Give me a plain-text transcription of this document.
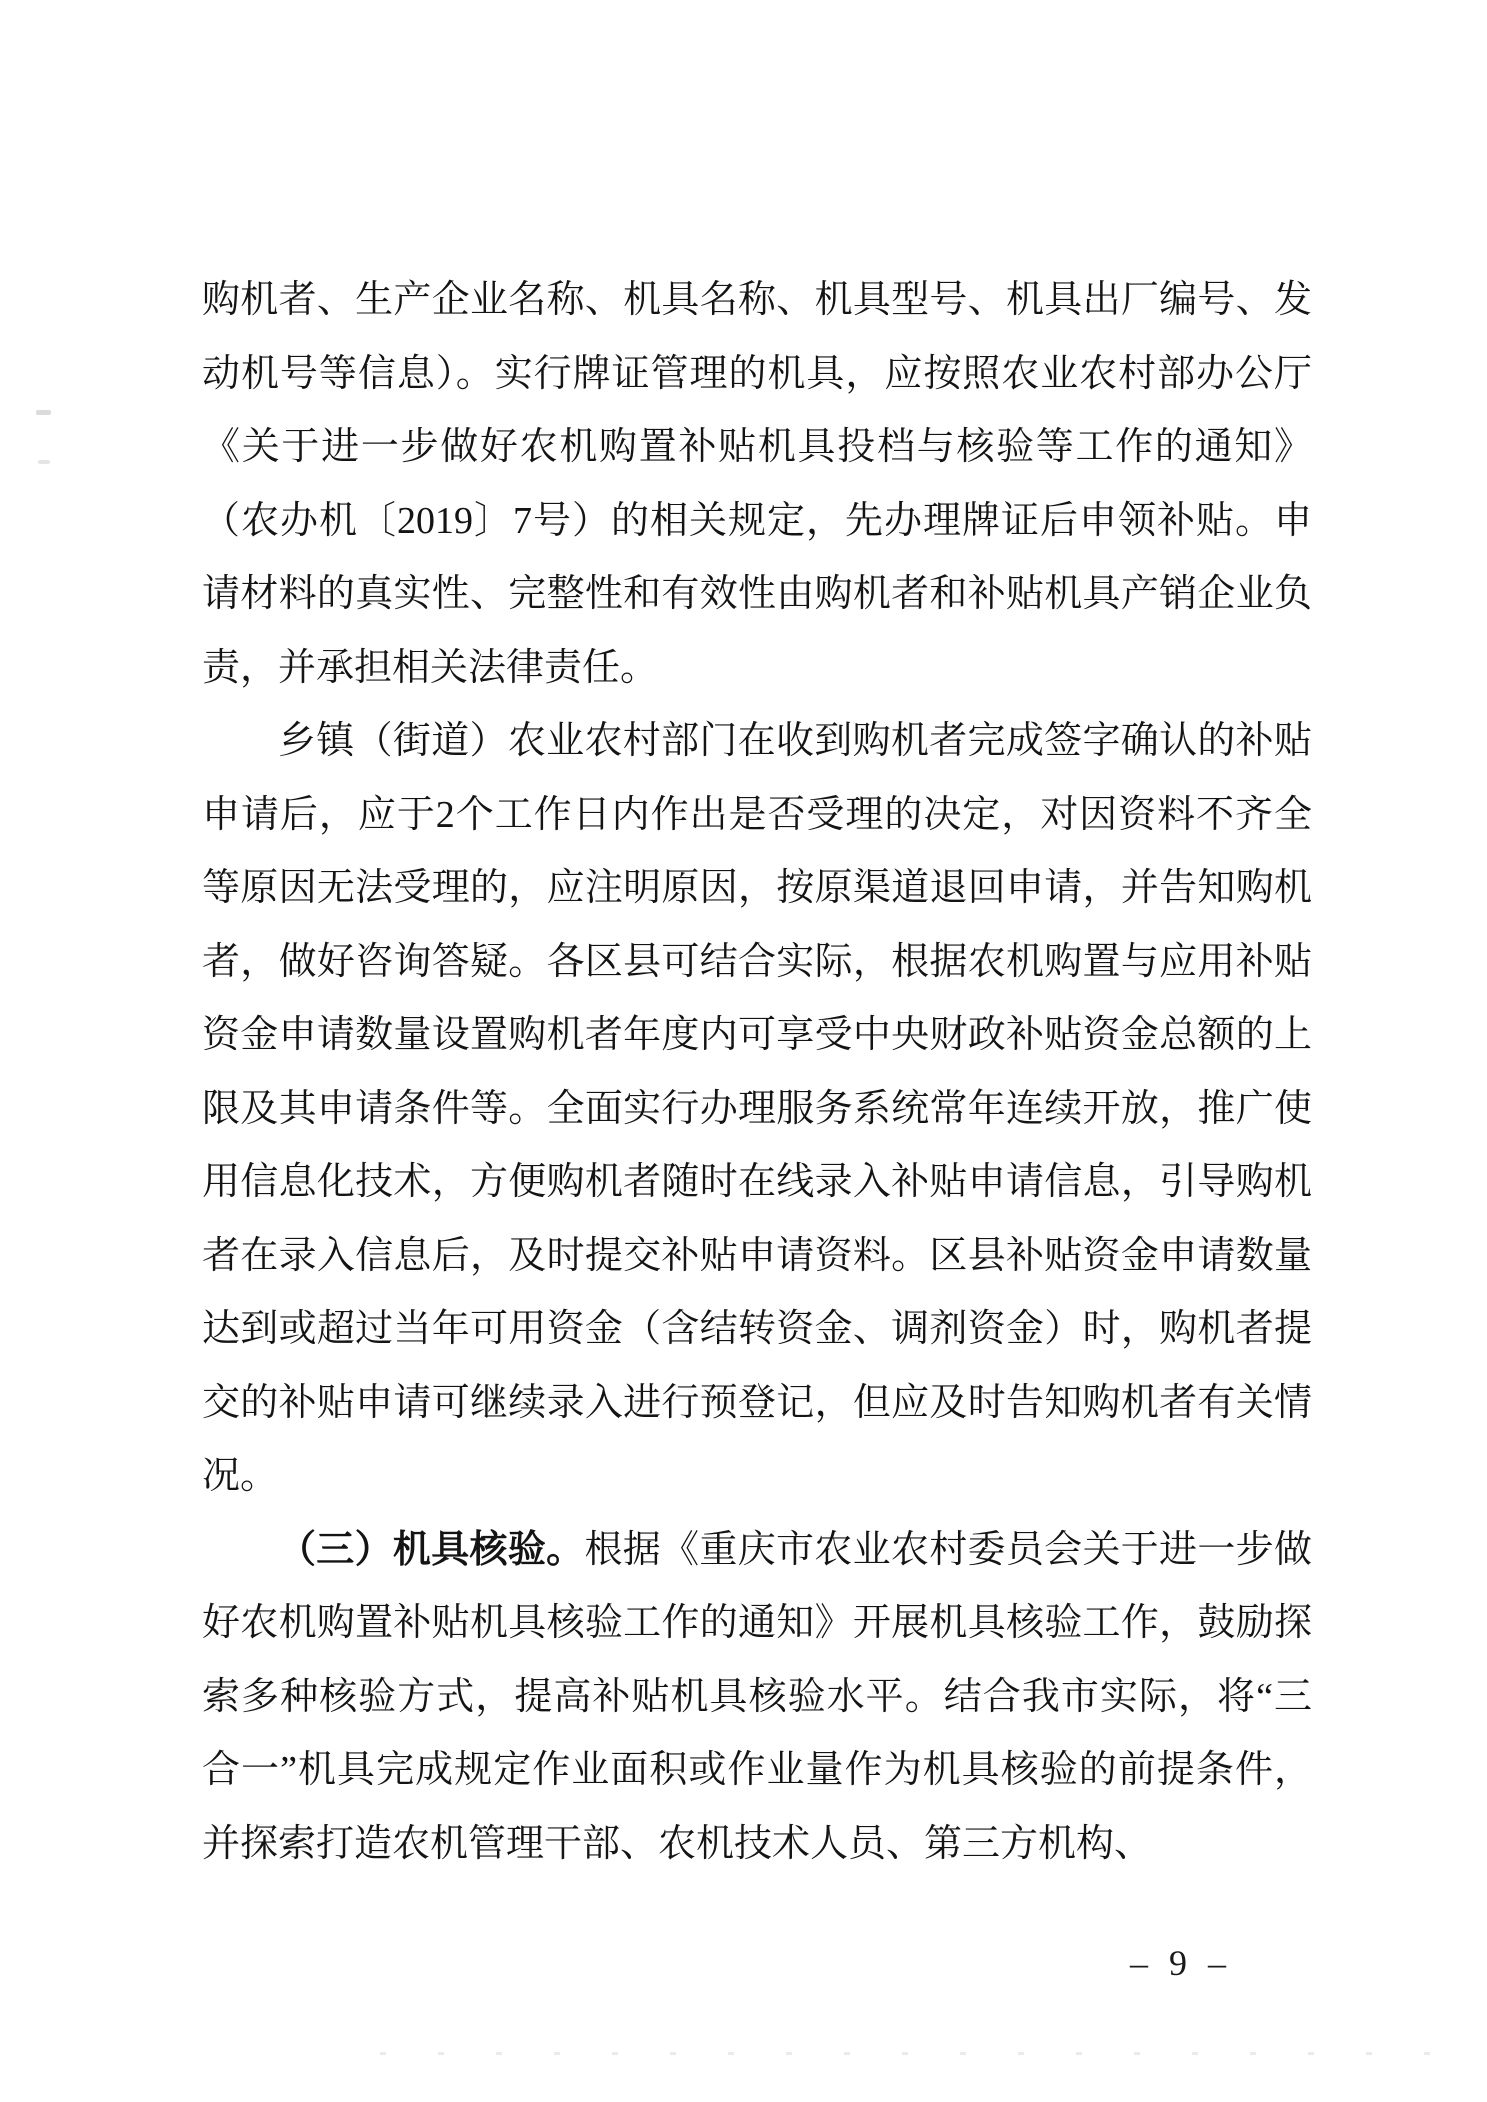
购机者、生产企业名称、机具名称、机具型号、机具出厂编号、发动机号等信息）。实行牌证管理的机具，应按照农业农村部办公厅《关于进一步做好农机购置补贴机具投档与核验等工作的通知》（农办机〔2019〕7号）的相关规定，先办理牌证后申领补贴。申请材料的真实性、完整性和有效性由购机者和补贴机具产销企业负责，并承担相关法律责任。

乡镇（街道）农业农村部门在收到购机者完成签字确认的补贴申请后，应于2个工作日内作出是否受理的决定，对因资料不齐全等原因无法受理的，应注明原因，按原渠道退回申请，并告知购机者，做好咨询答疑。各区县可结合实际，根据农机购置与应用补贴资金申请数量设置购机者年度内可享受中央财政补贴资金总额的上限及其申请条件等。全面实行办理服务系统常年连续开放，推广使用信息化技术，方便购机者随时在线录入补贴申请信息，引导购机者在录入信息后，及时提交补贴申请资料。区县补贴资金申请数量达到或超过当年可用资金（含结转资金、调剂资金）时，购机者提交的补贴申请可继续录入进行预登记，但应及时告知购机者有关情况。

（三）机具核验。根据《重庆市农业农村委员会关于进一步做好农机购置补贴机具核验工作的通知》开展机具核验工作，鼓励探索多种核验方式，提高补贴机具核验水平。结合我市实际，将“三合一”机具完成规定作业面积或作业量作为机具核验的前提条件，并探索打造农机管理干部、农机技术人员、第三方机构、

– 9 –
